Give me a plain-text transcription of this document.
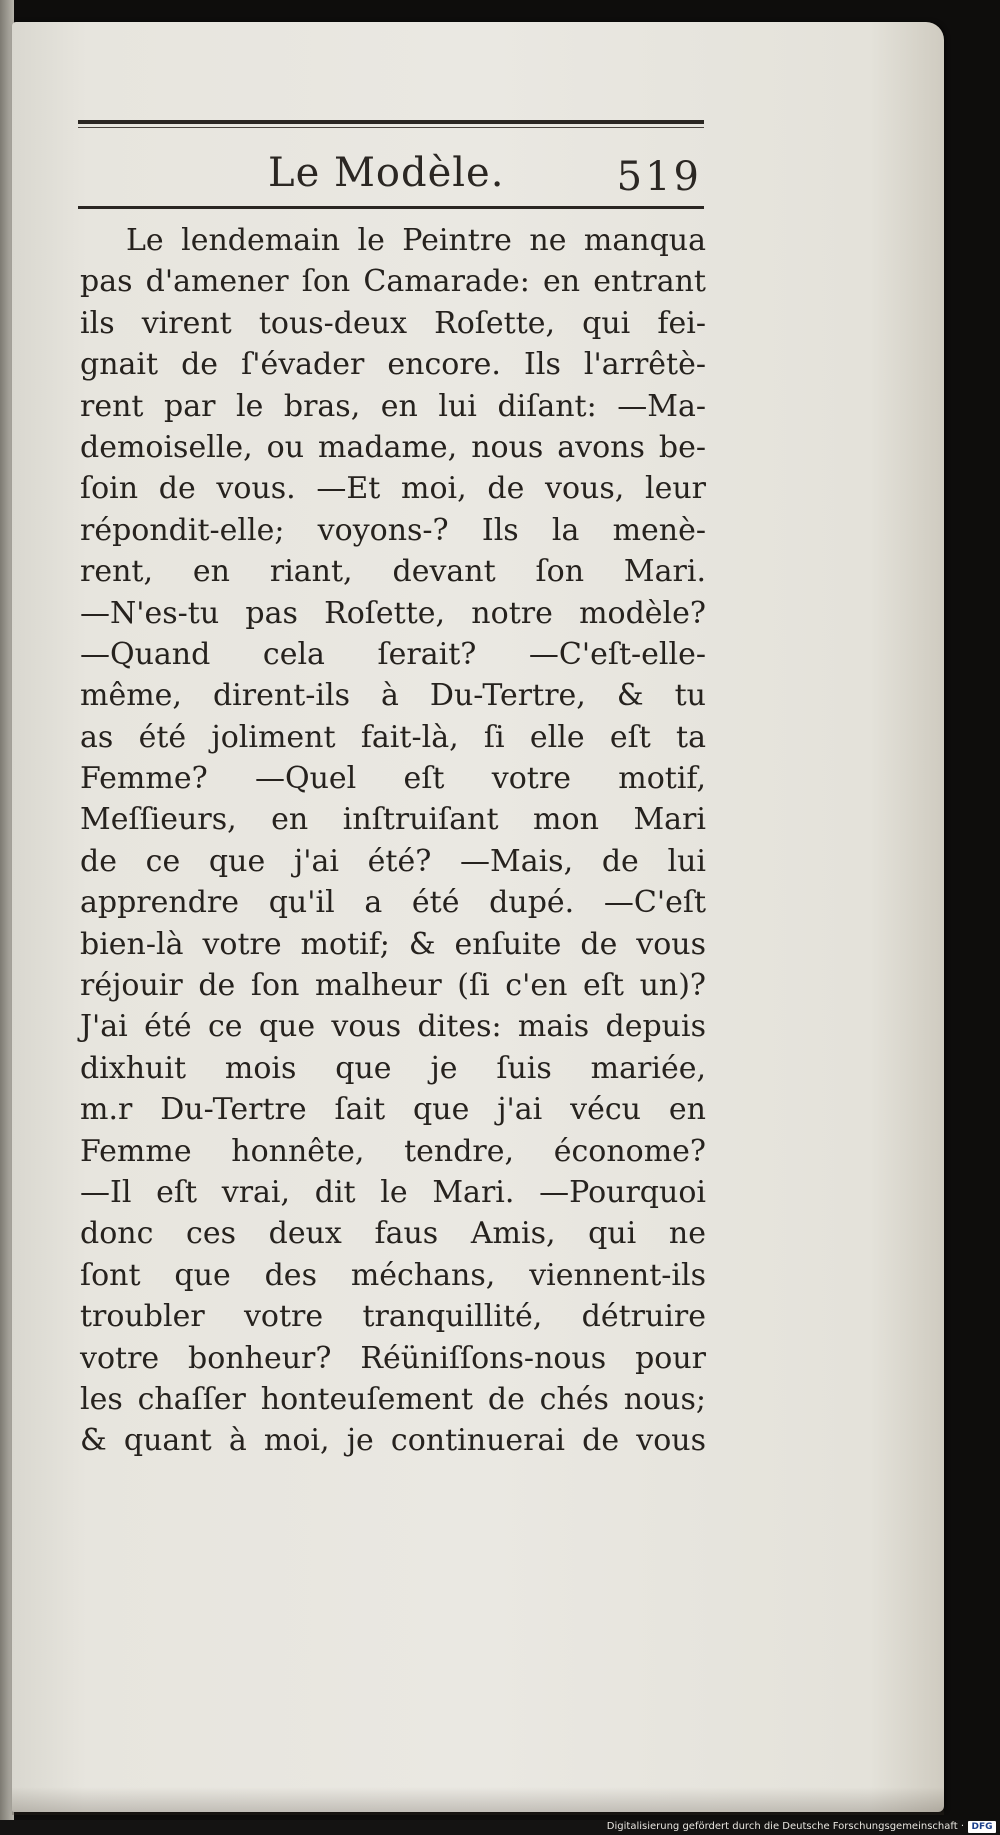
Le Modèle.	519
Le lendemain le Peintre ne manqua
pas d'amener ſon Camarade: en entrant
ils virent tous-deux Roſette, qui fei-
gnait de ſ'évader encore. Ils l'arrêtè-
rent par le bras, en lui diſant: —Ma-
demoiselle, ou madame, nous avons be-
ſoin de vous. —Et moi, de vous, leur
répondit-elle; voyons-? Ils la menè-
rent, en riant, devant ſon Mari.
—N'es-tu pas Roſette, notre modèle?
—Quand cela ſerait? —C'eſt-elle-
même, dirent-ils à Du-Tertre, & tu
as été joliment fait-là, ſi elle eſt ta
Femme? —Quel eſt votre motif,
Meſſieurs, en inſtruiſant mon Mari
de ce que j'ai été? —Mais, de lui
apprendre qu'il a été dupé. —C'eſt
bien-là votre motif; & enſuite de vous
réjouir de ſon malheur (ſi c'en eſt un)?
J'ai été ce que vous dites: mais depuis
dixhuit mois que je ſuis mariée,
m.r Du-Tertre ſait que j'ai vécu en
Femme honnête, tendre, économe?
—Il eſt vrai, dit le Mari. —Pourquoi
donc ces deux faus Amis, qui ne
ſont que des méchans, viennent-ils
troubler votre tranquillité, détruire
votre bonheur? Réüniſſons-nous pour
les chaſſer honteuſement de chés nous;
& quant à moi, je continuerai de vous
Digitalisierung gefördert durch die Deutsche Forschungsgemeinschaft · DFG
